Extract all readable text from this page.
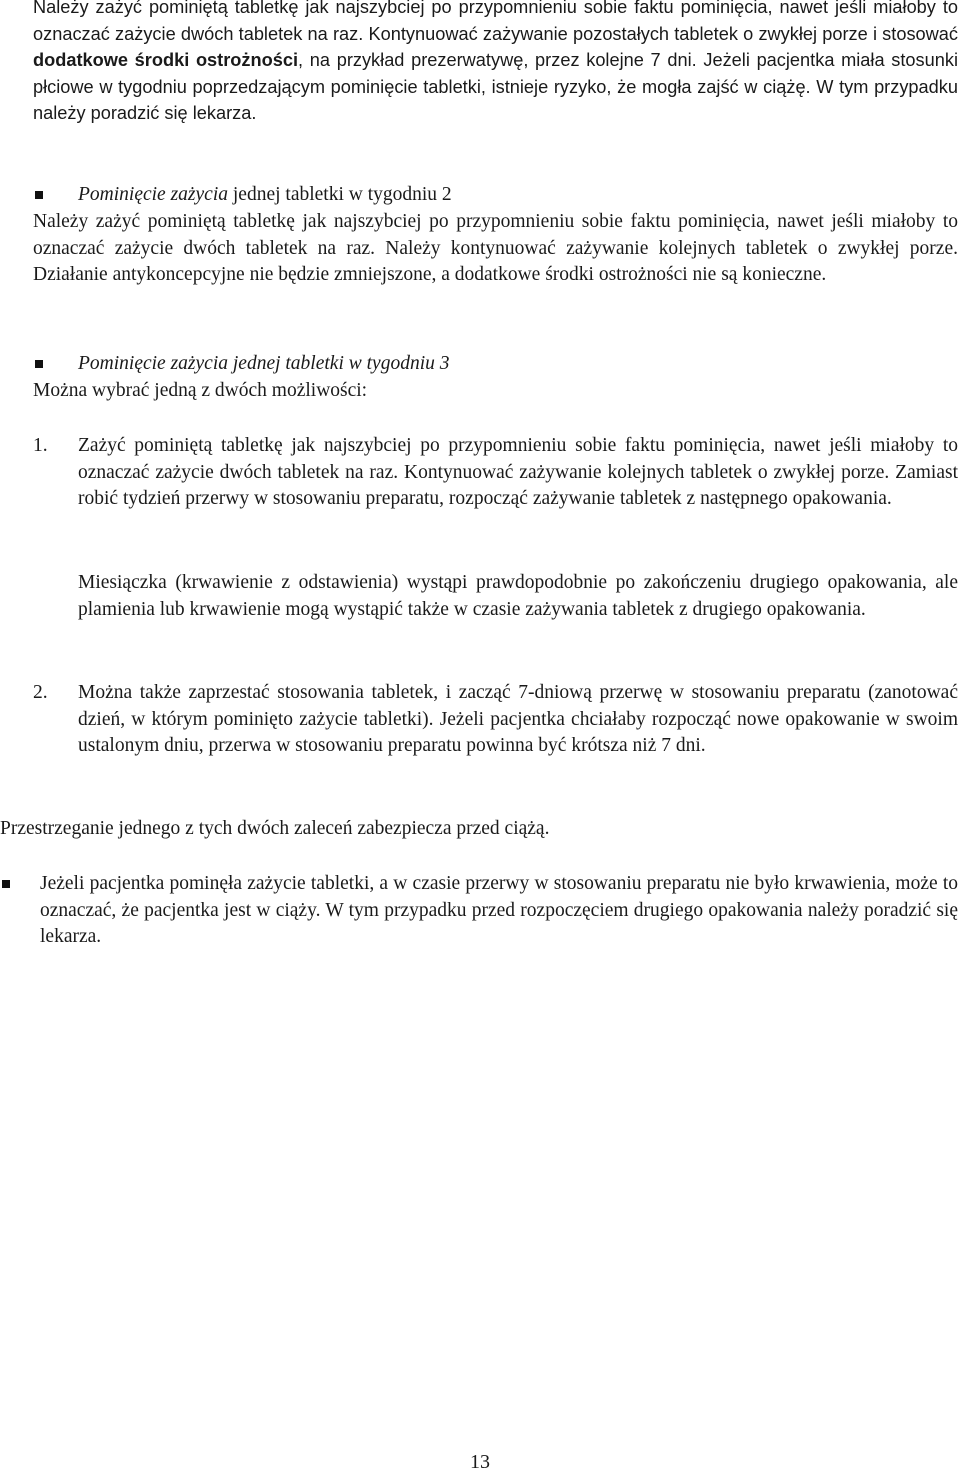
Należy zażyć pominiętą tabletkę jak najszybciej po przypomnieniu sobie faktu pominięcia, nawet jeśli miałoby to oznaczać zażycie dwóch tabletek na raz. Kontynuować zażywanie pozostałych tabletek o zwykłej porze i stosować dodatkowe środki ostrożności, na przykład prezerwatywę, przez kolejne 7 dni. Jeżeli pacjentka miała stosunki płciowe w tygodniu poprzedzającym pominięcie tabletki, istnieje ryzyko, że mogła zajść w ciążę. W tym przypadku należy poradzić się lekarza.
Pominięcie zażycia jednej tabletki w tygodniu 2
Należy zażyć pominiętą tabletkę jak najszybciej po przypomnieniu sobie faktu pominięcia, nawet jeśli miałoby to oznaczać zażycie dwóch tabletek na raz. Należy kontynuować zażywanie kolejnych tabletek o zwykłej porze. Działanie antykoncepcyjne nie będzie zmniejszone, a dodatkowe środki ostrożności nie są konieczne.
Pominięcie zażycia jednej tabletki w tygodniu 3
Można wybrać jedną z dwóch możliwości:
1. Zażyć pominiętą tabletkę jak najszybciej po przypomnieniu sobie faktu pominięcia, nawet jeśli miałoby to oznaczać zażycie dwóch tabletek na raz. Kontynuować zażywanie kolejnych tabletek o zwykłej porze. Zamiast robić tydzień przerwy w stosowaniu preparatu, rozpocząć zażywanie tabletek z następnego opakowania.
Miesiączka (krwawienie z odstawienia) wystąpi prawdopodobnie po zakończeniu drugiego opakowania, ale plamienia lub krwawienie mogą wystąpić także w czasie zażywania tabletek z drugiego opakowania.
2. Można także zaprzestać stosowania tabletek, i zacząć 7-dniową przerwę w stosowaniu preparatu (zanotować dzień, w którym pominięto zażycie tabletki). Jeżeli pacjentka chciałaby rozpocząć nowe opakowanie w swoim ustalonym dniu, przerwa w stosowaniu preparatu powinna być krótsza niż 7 dni.
Przestrzeganie jednego z tych dwóch zaleceń zabezpiecza przed ciążą.
Jeżeli pacjentka pominęła zażycie tabletki, a w czasie przerwy w stosowaniu preparatu nie było krwawienia, może to oznaczać, że pacjentka jest w ciąży. W tym przypadku przed rozpoczęciem drugiego opakowania należy poradzić się lekarza.
13
